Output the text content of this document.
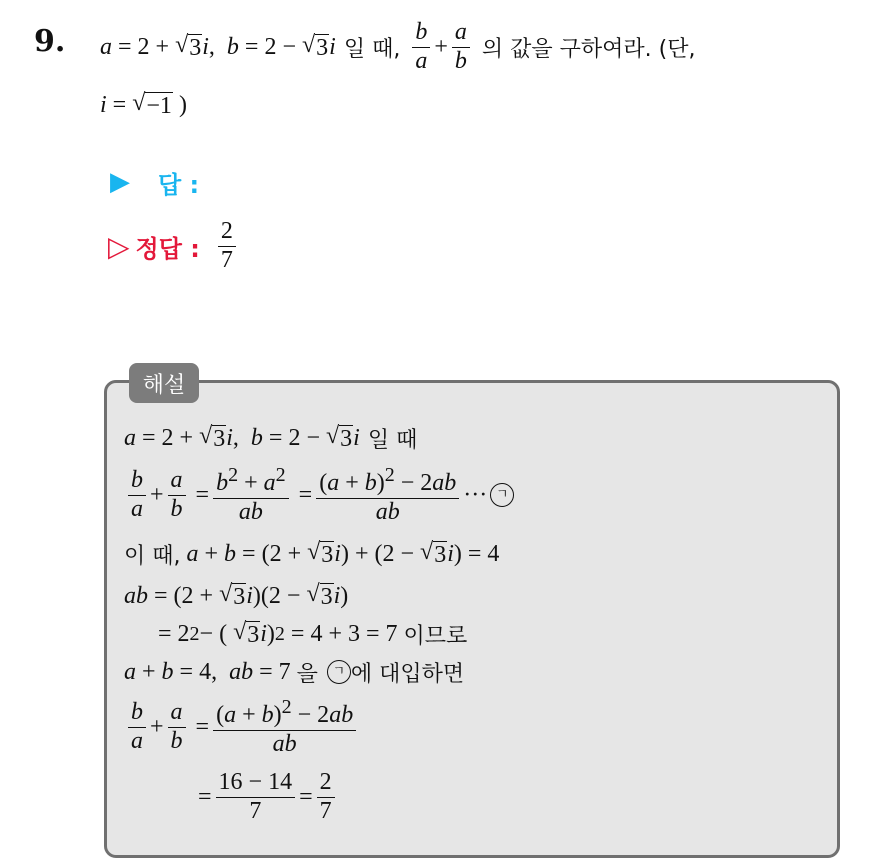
9. a = 2 + √ 3 i , b = 2 − √ 3 i 일 때, $\frac{b}{a} + \frac{a}{b}$ 의 값을 구하여라. (단,
i = √ −1
)
▶ 답 :
▷ 정답 : $\frac{2}{7}$
해설
a = 2 + √ 3 i , b = 2 − √ 3 i 일 때
$\frac{b}{a} + \frac{a}{b} = \frac{b^2 + a^2}{ab} = \frac{(a + b)^2 - 2ab}{ab}$ ··· ㄱ
이 때,
a + b = (2 + √ 3 i ) + (2 − √ 3 i ) = 4
ab = (2 + √ 3 i )(2 − √ 3 i )
= 2 2 − ( √ 3 i ) 2 = 4 + 3 = 7 이므로
a + b = 4, ab = 7 을
	ㄱ 에 대입하면
$\frac{b}{a} + \frac{a}{b} = \frac{(a + b)^2 - 2ab}{ab}$
= $\frac{16 - 14}{7} = \frac{2}{7}$
